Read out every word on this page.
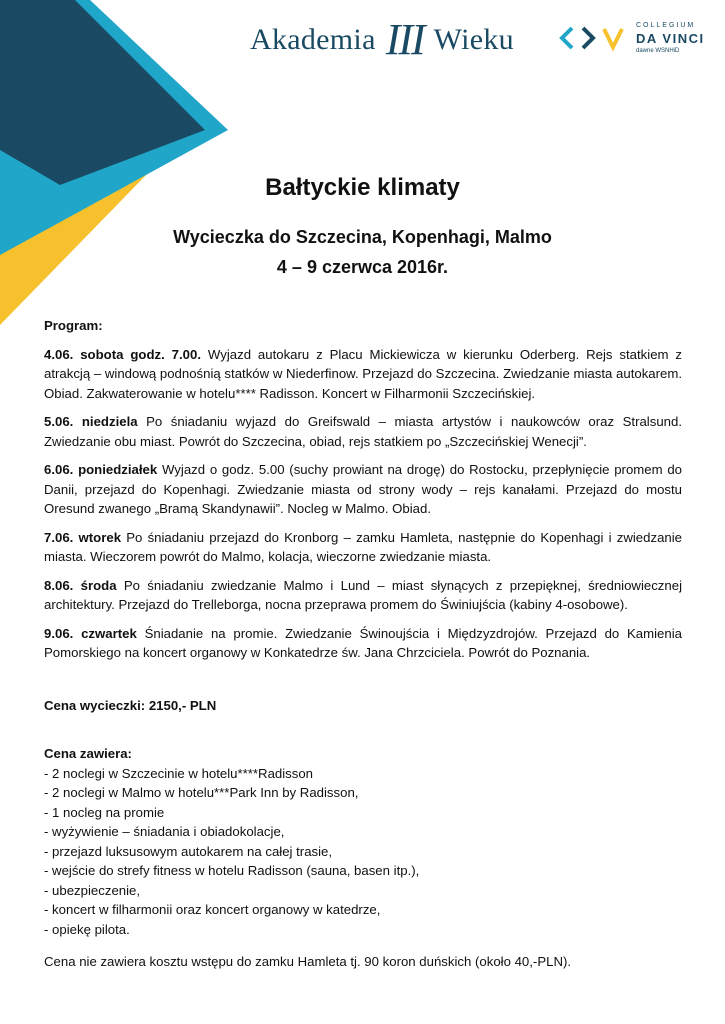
Akademia III Wieku	COLLEGIUM
DA VINCI
dawne WSNHiD
Bałtyckie klimaty
Wycieczka do Szczecina, Kopenhagi, Malmo
4 – 9 czerwca 2016r.

Program:

4.06. sobota godz. 7.00. Wyjazd autokaru z Placu Mickiewicza w kierunku Oderberg. Rejs statkiem z atrakcją – windową podnośnią statków w Niederfinow. Przejazd do Szczecina. Zwiedzanie miasta autokarem. Obiad. Zakwaterowanie w hotelu**** Radisson. Koncert w Filharmonii Szczecińskiej.

5.06. niedziela Po śniadaniu wyjazd do Greifswald – miasta artystów i naukowców oraz Stralsund. Zwiedzanie obu miast. Powrót do Szczecina, obiad, rejs statkiem po „Szczecińskiej Wenecji”.

6.06. poniedziałek Wyjazd o godz. 5.00 (suchy prowiant na drogę) do Rostocku, przepłynięcie promem do Danii, przejazd do Kopenhagi. Zwiedzanie miasta od strony wody – rejs kanałami. Przejazd do mostu Oresund zwanego „Bramą Skandynawii”. Nocleg w Malmo. Obiad.

7.06. wtorek Po śniadaniu przejazd do Kronborg – zamku Hamleta, następnie do Kopenhagi i zwiedzanie miasta. Wieczorem powrót do Malmo, kolacja, wieczorne zwiedzanie miasta.

8.06. środa Po śniadaniu zwiedzanie Malmo i Lund – miast słynących z przepięknej, średniowiecznej architektury. Przejazd do Trelleborga, nocna przeprawa promem do Świniujścia (kabiny 4-osobowe).

9.06. czwartek Śniadanie na promie. Zwiedzanie Świnoujścia i Międzyzdrojów. Przejazd do Kamienia Pomorskiego na koncert organowy w Konkatedrze św. Jana Chrzciciela. Powrót do Poznania.

Cena wycieczki: 2150,- PLN

Cena zawiera:

- 2 noclegi w Szczecinie w hotelu****Radisson
- 2 noclegi w Malmo w hotelu***Park Inn by Radisson,
- 1 nocleg na promie
- wyżywienie – śniadania i obiadokolacje,
- przejazd luksusowym autokarem na całej trasie,
- wejście do strefy fitness w hotelu Radisson (sauna, basen itp.),
- ubezpieczenie,
- koncert w filharmonii oraz koncert organowy w katedrze,
- opiekę pilota.

Cena nie zawiera kosztu wstępu do zamku Hamleta tj. 90 koron duńskich (około 40,-PLN).
